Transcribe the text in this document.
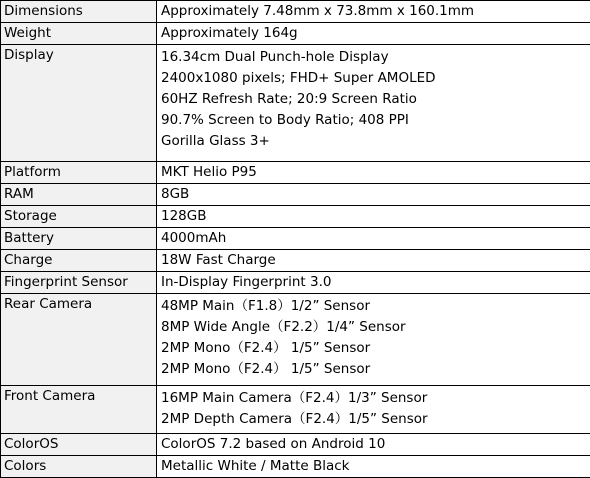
Dimensions	Approximately 7.48mm x 73.8mm x 160.1mm

Weight	Approximately 164g

Display	16.34cm Dual Punch-hole Display
2400x1080 pixels; FHD+ Super AMOLED
60HZ Refresh Rate; 20:9 Screen Ratio
90.7% Screen to Body Ratio; 408 PPI
Gorilla Glass 3+

Platform	MKT Helio P95

RAM	8GB

Storage	128GB

Battery	4000mAh

Charge	18W Fast Charge

Fingerprint Sensor	In-Display Fingerprint 3.0

Rear Camera	48MP Main（F1.8）1/2” Sensor
8MP Wide Angle（F2.2）1/4” Sensor
2MP Mono（F2.4） 1/5” Sensor
2MP Mono（F2.4） 1/5” Sensor

Front Camera	16MP Main Camera（F2.4）1/3” Sensor
2MP Depth Camera（F2.4）1/5” Sensor

ColorOS	ColorOS 7.2 based on Android 10

Colors	Metallic White / Matte Black
